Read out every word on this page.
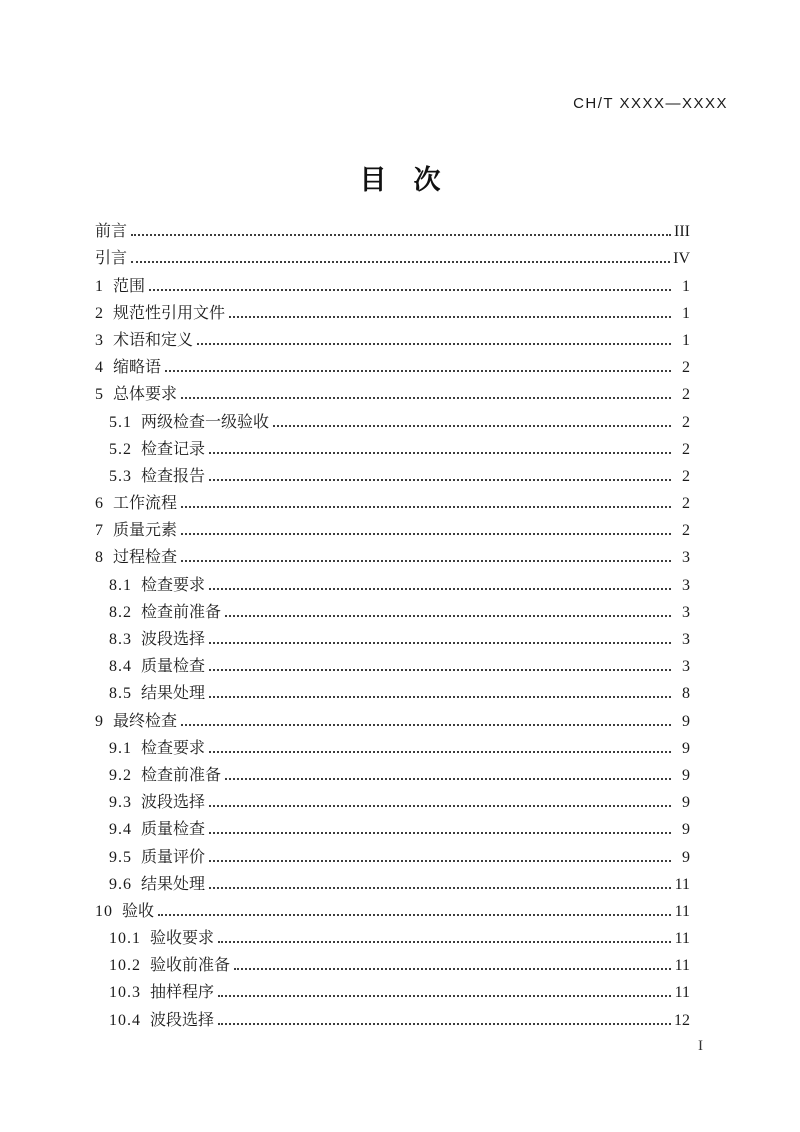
CH/T XXXX—XXXX
目　次
前言	III
引言	IV
1 范围	1
2 规范性引用文件	1
3 术语和定义	1
4 缩略语	2
5 总体要求	2
5.1 两级检查一级验收	2
5.2 检查记录	2
5.3 检查报告	2
6 工作流程	2
7 质量元素	2
8 过程检查	3
8.1 检查要求	3
8.2 检查前准备	3
8.3 波段选择	3
8.4 质量检查	3
8.5 结果处理	8
9 最终检查	9
9.1 检查要求	9
9.2 检查前准备	9
9.3 波段选择	9
9.4 质量检查	9
9.5 质量评价	9
9.6 结果处理	11
10 验收	11
10.1 验收要求	11
10.2 验收前准备	11
10.3 抽样程序	11
10.4 波段选择	12
I
